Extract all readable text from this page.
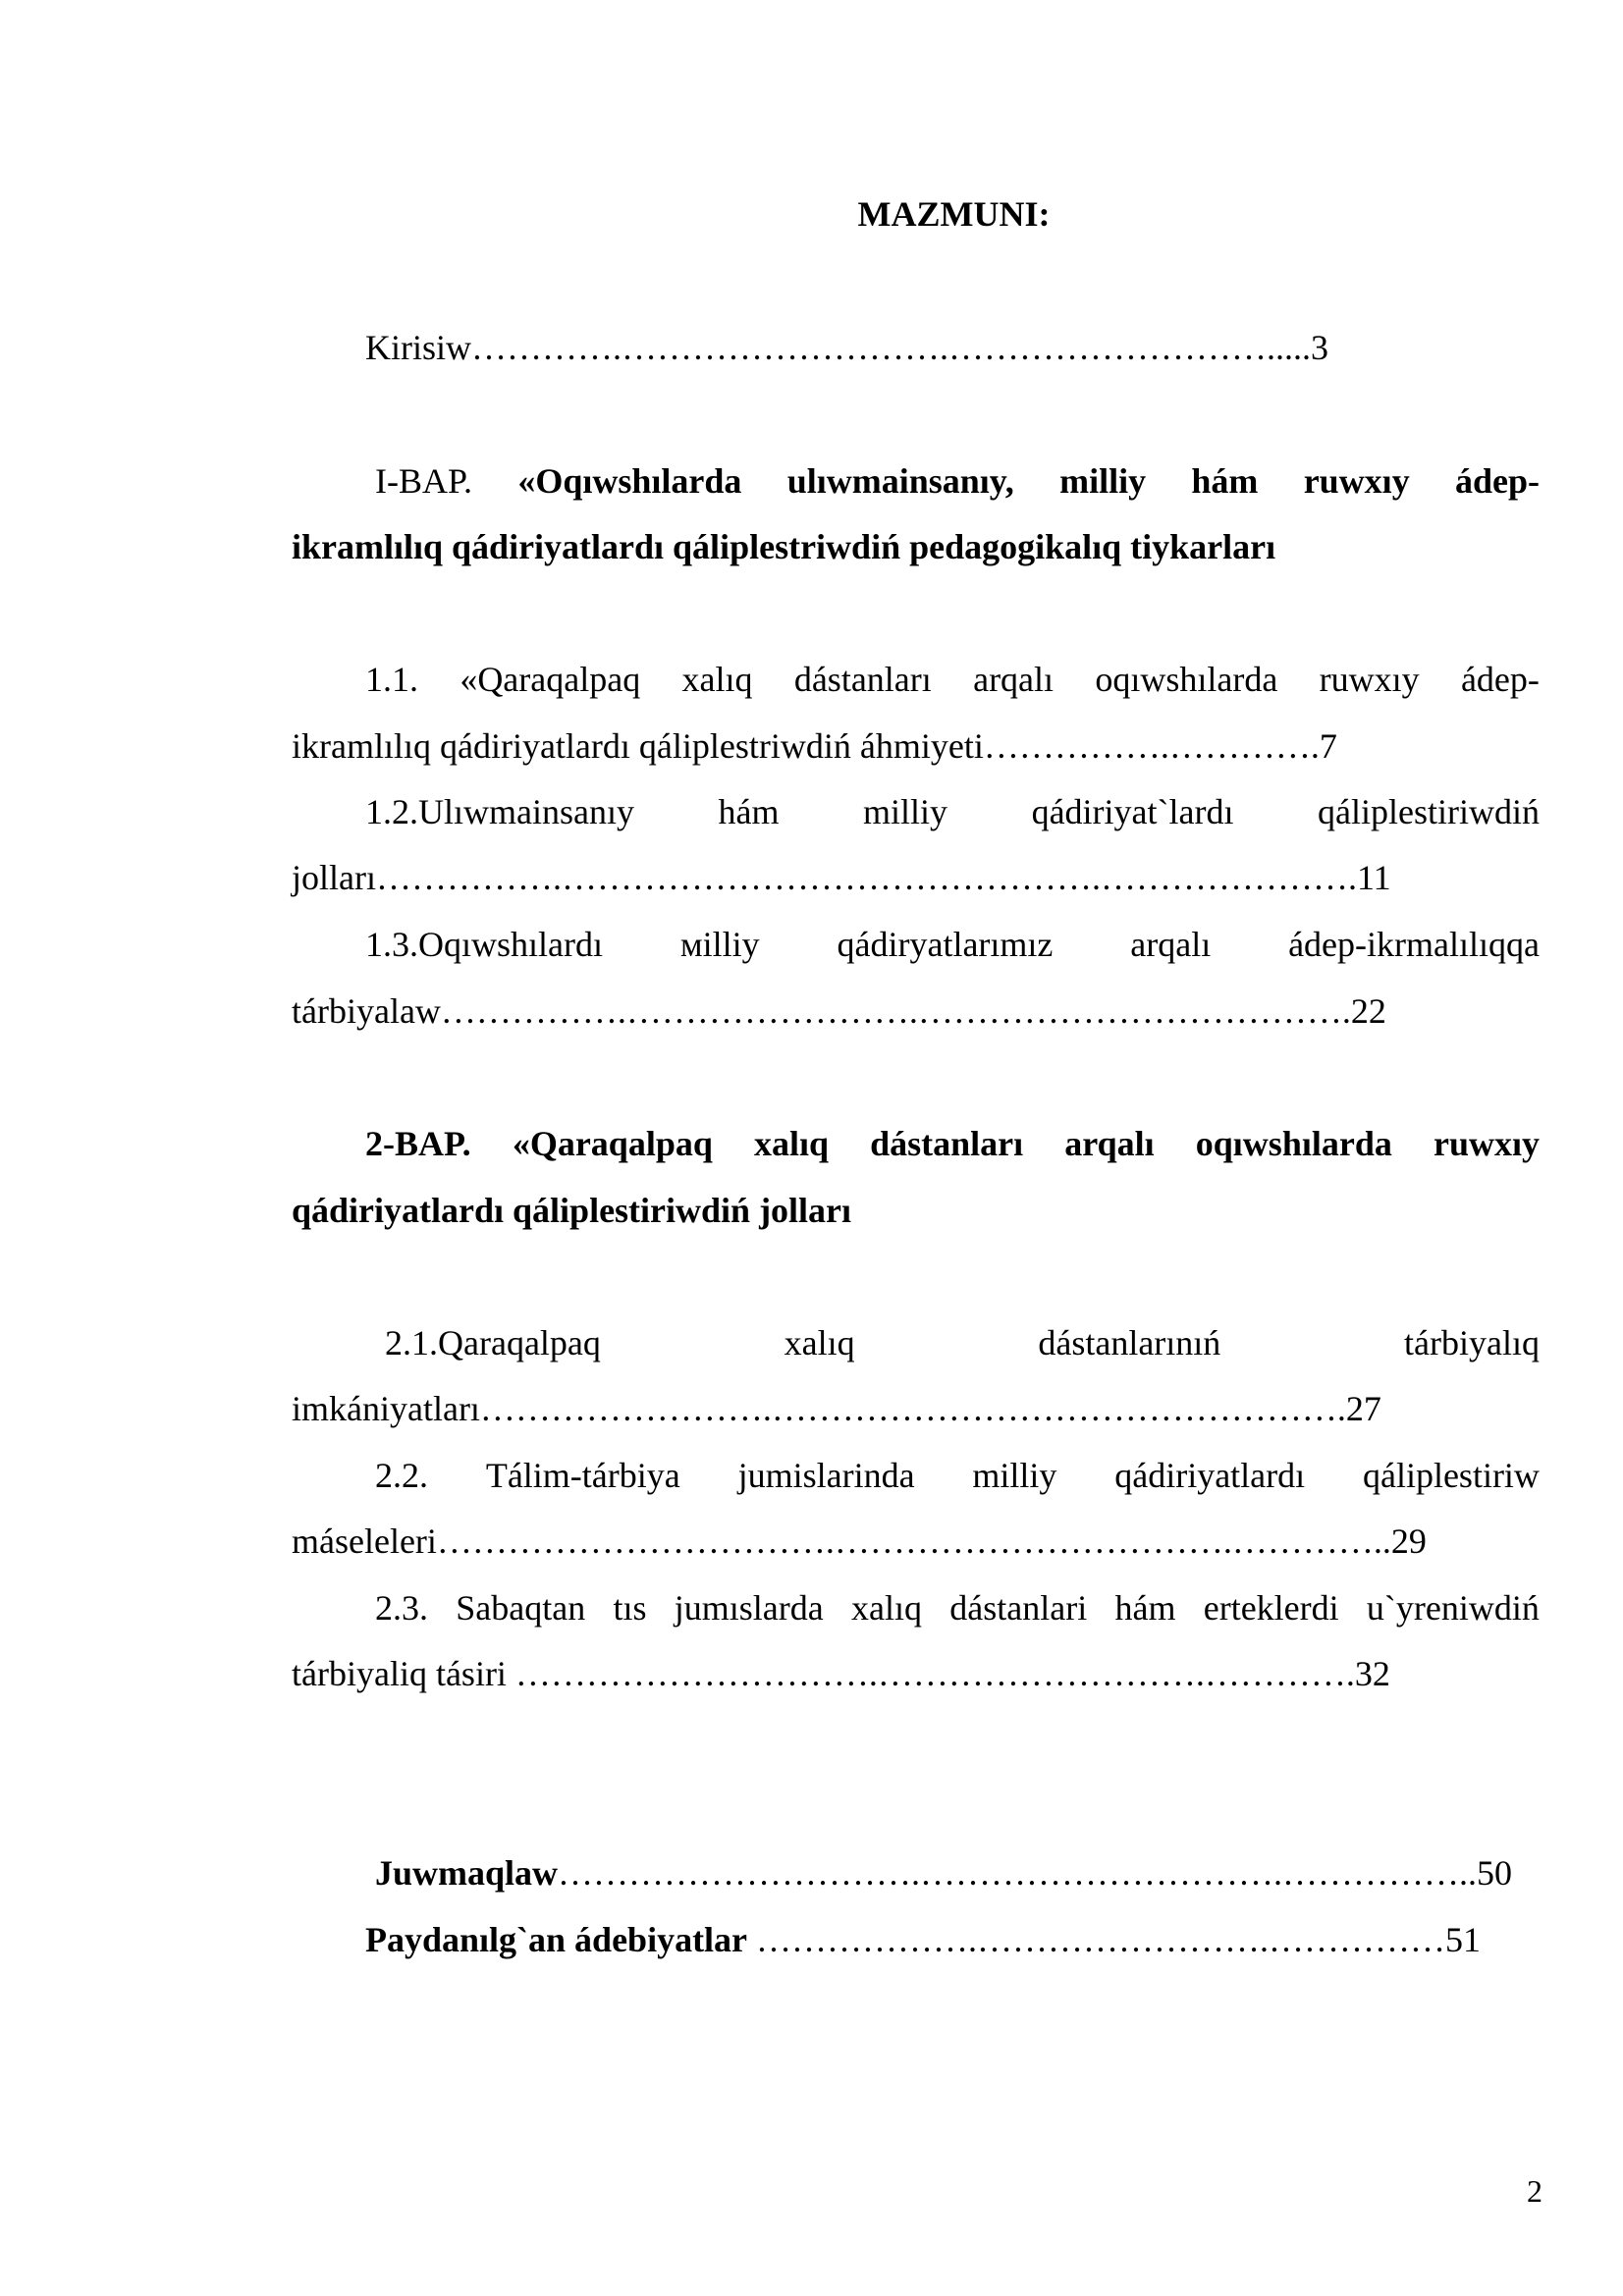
MAZMUNI:
Kirisiw………….……………………….……………………….....3
I-BAP. «Oqıwshılarda ulıwmainsanıy, milliy hám ruwxıy ádep-
ikramlılıq qádiriyatlardı qáliplestriwdiń pedagogikalıq tiykarları
1.1. «Qaraqalpaq xalıq dástanları arqalı oqıwshılarda ruwxıy ádep-
ikramlılıq qádiriyatlardı qáliplestriwdiń áhmiyeti…………….………….7
1.2.Ulıwmainsanıy hám milliy qádiriyat`lardı qáliplestiriwdiń
jolları…………….……………………………………….………………….11
1.3.Oqıwshılardı мilliy qádiryatlarımız arqalı ádep-ikrmalılıqqa
tárbiyalaw…………….…………………….……………………………….22
2-BAP. «Qaraqalpaq xalıq dástanları arqalı oqıwshılarda ruwxıy
qádiriyatlardı qáliplestiriwdiń jolları
2.1.Qaraqalpaq	xalıq	dástanlarınıń	tárbiyalıq
imkániyatları…………………….………………………………………….27
2.2. Tálim-tárbiya jumislarinda milliy qádiriyatlardı qáliplestiriw
máseleleri…………………………….…………………………….…………..29
2.3. Sabaqtan tıs jumıslarda xalıq dástanlari hám erteklerdi u`yreniwdiń
tárbiyaliq tásiri ………………………….……………………….………….32
Juwmaqlaw………………………….………………………….……………..50
Paydanılg`an ádebiyatlar ……………….…………………….……………51
2
